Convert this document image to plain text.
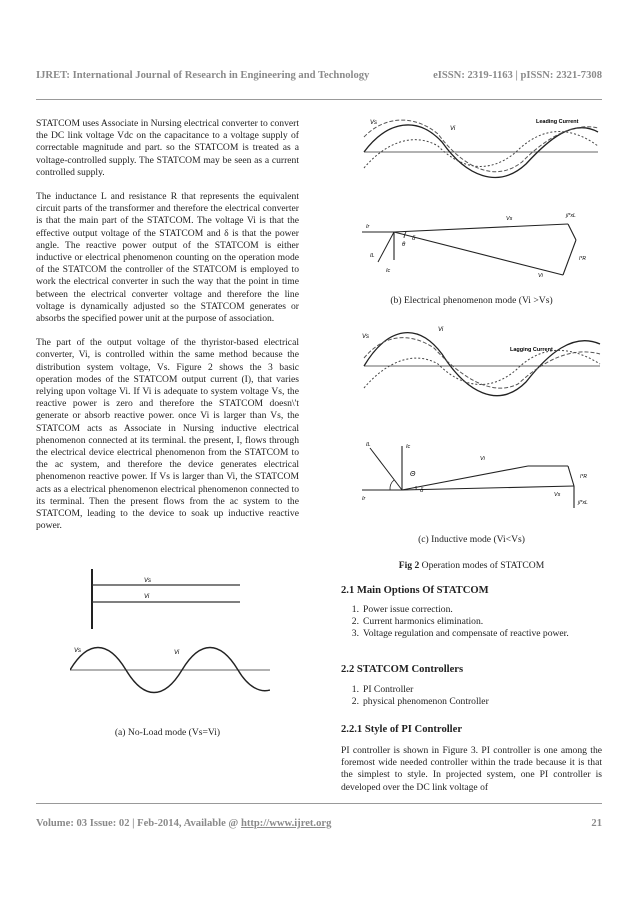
IJRET: International Journal of Research in Engineering and Technology	eISSN: 2319-1163 | pISSN: 2321-7308

STATCOM uses Associate in Nursing electrical converter to convert the DC link voltage Vdc on the capacitance to a voltage supply of correctable magnitude and part. so the STATCOM is treated as a voltage-controlled supply. The STATCOM may be seen as a current controlled supply.

The inductance L and resistance R that represents the equivalent circuit parts of the transformer and therefore the electrical converter is that the main part of the STATCOM. The voltage Vi is that the effective output voltage of the STATCOM and δ is that the power angle. The reactive power output of the STATCOM is either inductive or electrical phenomenon counting on the operation mode of the STATCOM the controller of the STATCOM is employed to work the electrical converter in such the way that the point in time between the electrical converter voltage and therefore the line voltage is dynamically adjusted so the STATCOM generates or absorbs the specified power unit at the purpose of association.

The part of the output voltage of the thyristor-based electrical converter, Vi, is controlled within the same method because the distribution system voltage, Vs. Figure 2 shows the 3 basic operation modes of the STATCOM output current (I), that varies relying upon voltage Vi. If Vi is adequate to system voltage Vs, the reactive power is zero and therefore the STATCOM doesn\'t generate or absorb reactive power. once Vi is larger than Vs, the STATCOM acts as Associate in Nursing inductive electrical phenomenon connected at its terminal. the present, I, flows through the electrical device electrical phenomenon from the STATCOM to the ac system, and therefore the device generates electrical phenomenon reactive power. If Vs is larger than Vi, the STATCOM acts as a electrical phenomenon electrical phenomenon connected to its terminal. Then the present flows from the ac system to the STATCOM, leading to the device to soak up inductive reactive power.

Vs
Vi
Vs	Vi
(a) No-Load mode (Vs=Vi)
Vs
Vi
Leading Current
Ir
IL
Ic
θ
δ
Vs	jI*xL
I*R
Vi
(b) Electrical phenomenon mode (Vi >Vs)
Vs
Vi
Lagging Current
IL	Ic
Θ
δ
Vi
I*R
Vs
jI*xL
Ir
(c) Inductive mode (Vi<Vs)
Fig 2 Operation modes of STATCOM
2.1 Main Options Of STATCOM
1. Power issue correction.
2. Current harmonics elimination.
3. Voltage regulation and compensate of reactive power.
2.2 STATCOM Controllers
1. PI Controller
2. physical phenomenon Controller
2.2.1 Style of PI Controller
PI controller is shown in Figure 3. PI controller is one among the foremost wide needed controller within the trade because it is that the simplest to style. In projected system, one PI controller is developed over the DC link voltage of
Volume: 03 Issue: 02 | Feb-2014, Available @ http://www.ijret.org	21
